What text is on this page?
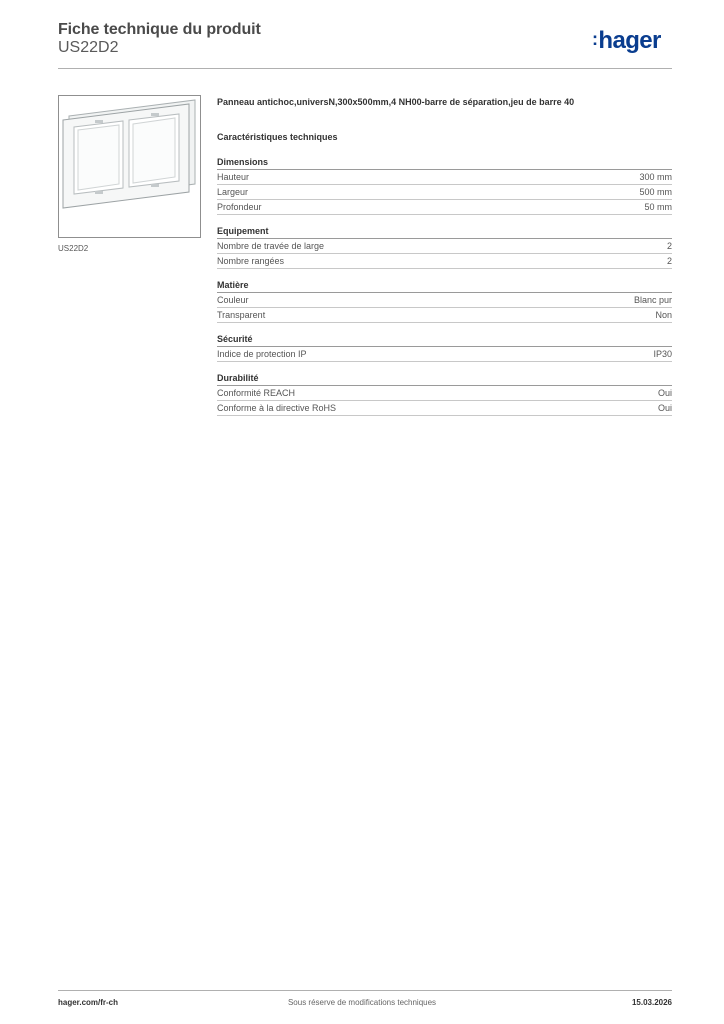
Fiche technique du produit
US22D2	:hager
US22D2
Panneau antichoc,universN,300x500mm,4 NH00-barre de séparation,jeu de barre 40
Caractéristiques techniques
Dimensions
Hauteur	300 mm
Largeur	500 mm
Profondeur	50 mm
Equipement
Nombre de travée de large	2
Nombre rangées	2
Matière
Couleur	Blanc pur
Transparent	Non
Sécurité
Indice de protection IP	IP30
Durabilité
Conformité REACH	Oui
Conforme à la directive RoHS	Oui
hager.com/fr-ch	Sous réserve de modifications techniques	15.03.2026
